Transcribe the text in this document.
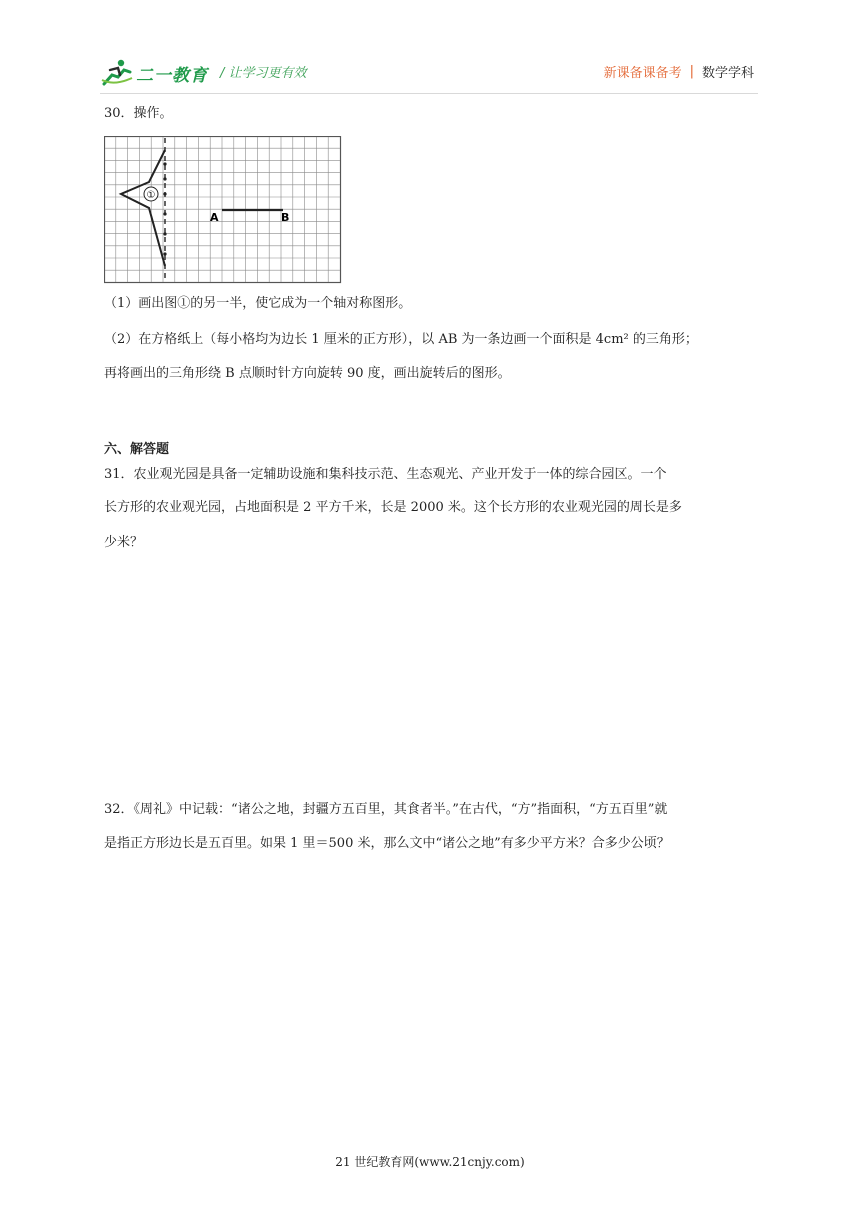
二一教育 / 让学习更有效	新课备课备考 | 数学学科
30．操作。
①
A	B
（1）画出图①的另一半，使它成为一个轴对称图形。
（2）在方格纸上（每小格均为边长 1 厘米的正方形），以 AB 为一条边画一个面积是 4cm² 的三角形；
再将画出的三角形绕 B 点顺时针方向旋转 90 度，画出旋转后的图形。
六、解答题
31．农业观光园是具备一定辅助设施和集科技示范、生态观光、产业开发于一体的综合园区。一个
长方形的农业观光园，占地面积是 2 平方千米，长是 2000 米。这个长方形的农业观光园的周长是多
少米？
32．《周礼》中记载：“诸公之地，封疆方五百里，其食者半。”在古代，“方”指面积，“方五百里”就
是指正方形边长是五百里。如果 1 里＝500 米，那么文中“诸公之地”有多少平方米？合多少公顷？
21 世纪教育网(www.21cnjy.com)
